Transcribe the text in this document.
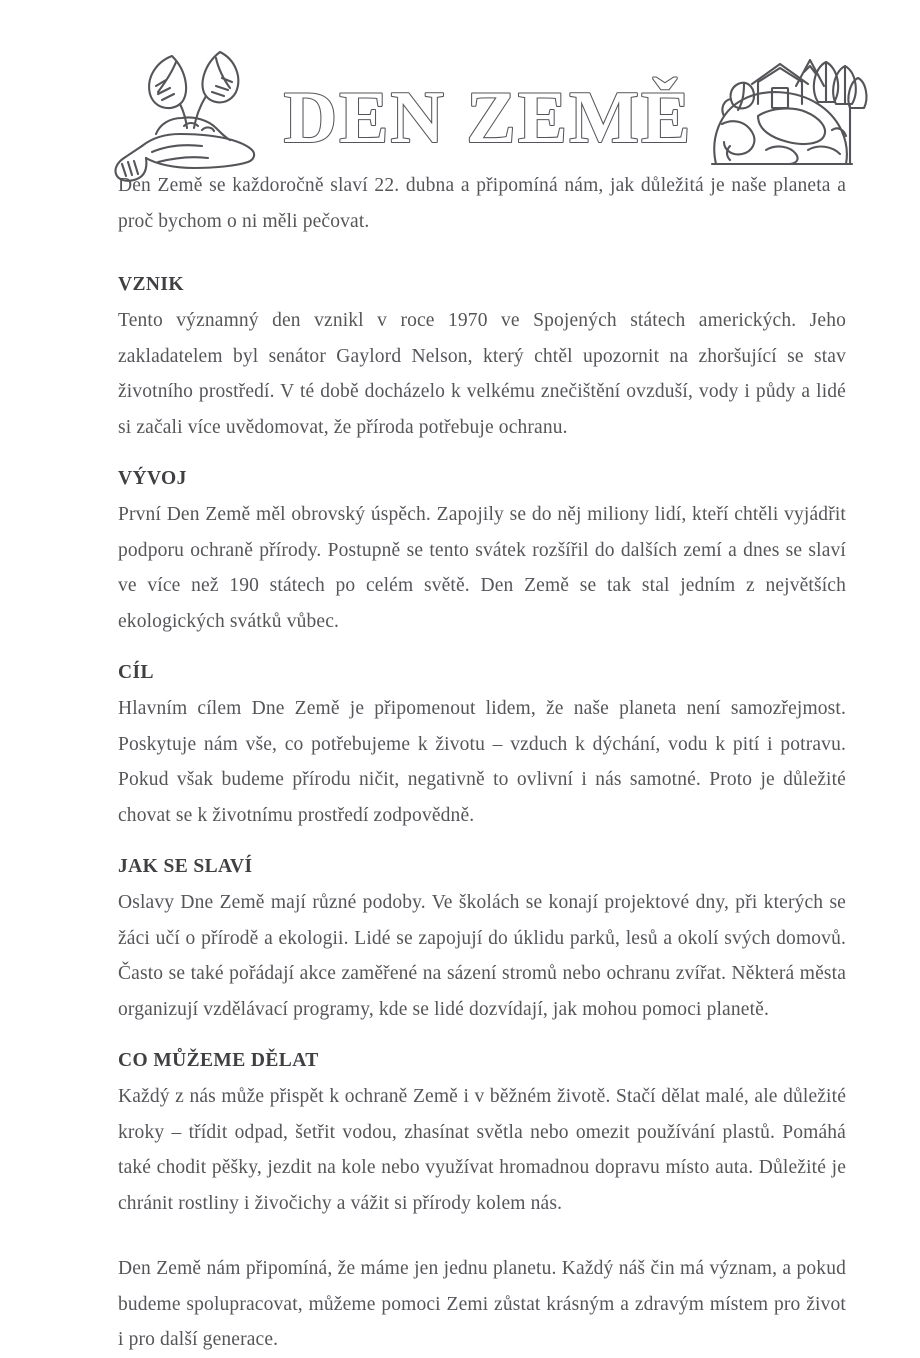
DEN ZEMĚ

Den Země se každoročně slaví 22. dubna a připomíná nám, jak důležitá je naše planeta a proč bychom o ni měli pečovat.

VZNIK

Tento významný den vznikl v roce 1970 ve Spojených státech amerických. Jeho zakladatelem byl senátor Gaylord Nelson, který chtěl upozornit na zhoršující se stav životního prostředí. V té době docházelo k velkému znečištění ovzduší, vody i půdy a lidé si začali více uvědomovat, že příroda potřebuje ochranu.

VÝVOJ

První Den Země měl obrovský úspěch. Zapojily se do něj miliony lidí, kteří chtěli vyjádřit podporu ochraně přírody. Postupně se tento svátek rozšířil do dalších zemí a dnes se slaví ve více než 190 státech po celém světě. Den Země se tak stal jedním z největších ekologických svátků vůbec.

CÍL

Hlavním cílem Dne Země je připomenout lidem, že naše planeta není samozřejmost. Poskytuje nám vše, co potřebujeme k životu – vzduch k dýchání, vodu k pití i potravu. Pokud však budeme přírodu ničit, negativně to ovlivní i nás samotné. Proto je důležité chovat se k životnímu prostředí zodpovědně.

JAK SE SLAVÍ

Oslavy Dne Země mají různé podoby. Ve školách se konají projektové dny, při kterých se žáci učí o přírodě a ekologii. Lidé se zapojují do úklidu parků, lesů a okolí svých domovů. Často se také pořádají akce zaměřené na sázení stromů nebo ochranu zvířat. Některá města organizují vzdělávací programy, kde se lidé dozvídají, jak mohou pomoci planetě.

CO MŮŽEME DĚLAT

Každý z nás může přispět k ochraně Země i v běžném životě. Stačí dělat malé, ale důležité kroky – třídit odpad, šetřit vodou, zhasínat světla nebo omezit používání plastů. Pomáhá také chodit pěšky, jezdit na kole nebo využívat hromadnou dopravu místo auta. Důležité je chránit rostliny i živočichy a vážit si přírody kolem nás.

Den Země nám připomíná, že máme jen jednu planetu. Každý náš čin má význam, a pokud budeme spolupracovat, můžeme pomoci Zemi zůstat krásným a zdravým místem pro život i pro další generace.
